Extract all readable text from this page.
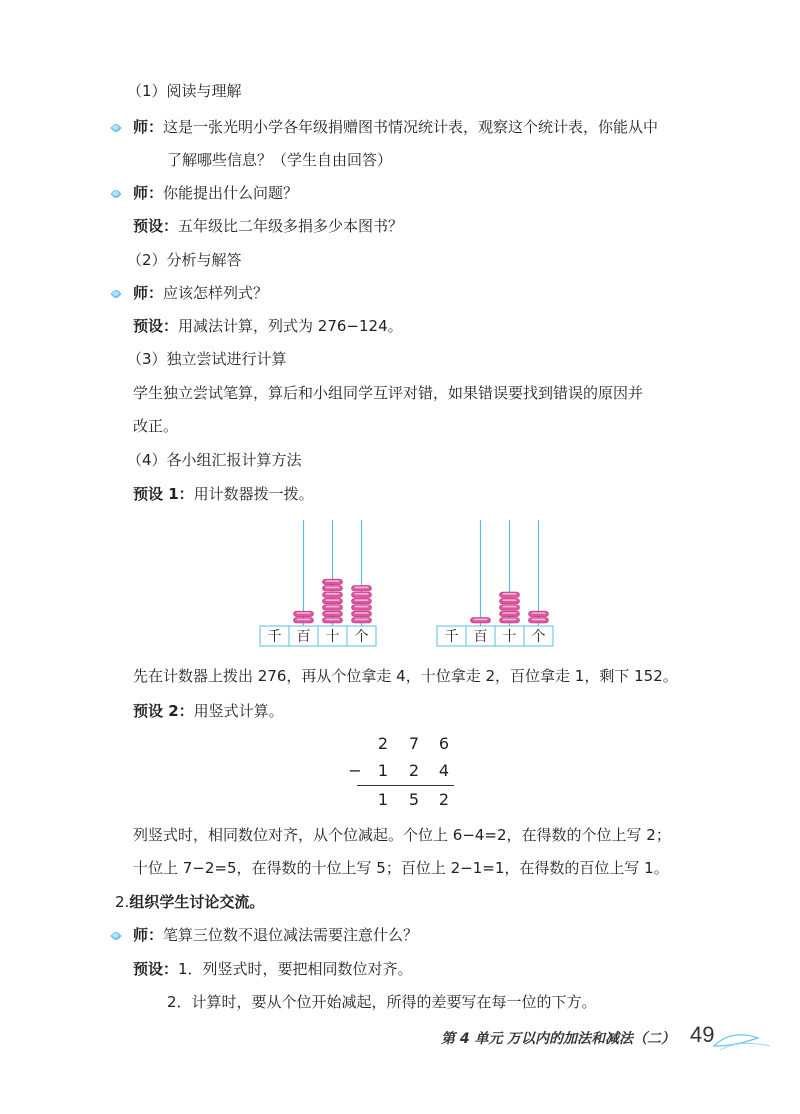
（1）阅读与理解
师：这是一张光明小学各年级捐赠图书情况统计表，观察这个统计表，你能从中
了解哪些信息？（学生自由回答）
师：你能提出什么问题？
预设：五年级比二年级多捐多少本图书？
（2）分析与解答
师：应该怎样列式？
预设：用减法计算，列式为 276−124。
（3）独立尝试进行计算
学生独立尝试笔算，算后和小组同学互评对错，如果错误要找到错误的原因并
改正。
（4）各小组汇报计算方法
预设 1：用计数器拨一拨。
千 百 十 个	千 百 十 个
先在计数器上拨出 276，再从个位拿走 4，十位拿走 2，百位拿走 1，剩下 152。
预设 2：用竖式计算。
2	7	6
−	1	2	4
1	5	2
列竖式时，相同数位对齐，从个位减起。个位上 6−4=2，在得数的个位上写 2；
十位上 7−2=5，在得数的十位上写 5；百位上 2−1=1，在得数的百位上写 1。
2.组织学生讨论交流。
师：笔算三位数不退位减法需要注意什么？
预设：1．列竖式时，要把相同数位对齐。
2．计算时，要从个位开始减起，所得的差要写在每一位的下方。
第 4 单元 万以内的加法和减法（二） 49
